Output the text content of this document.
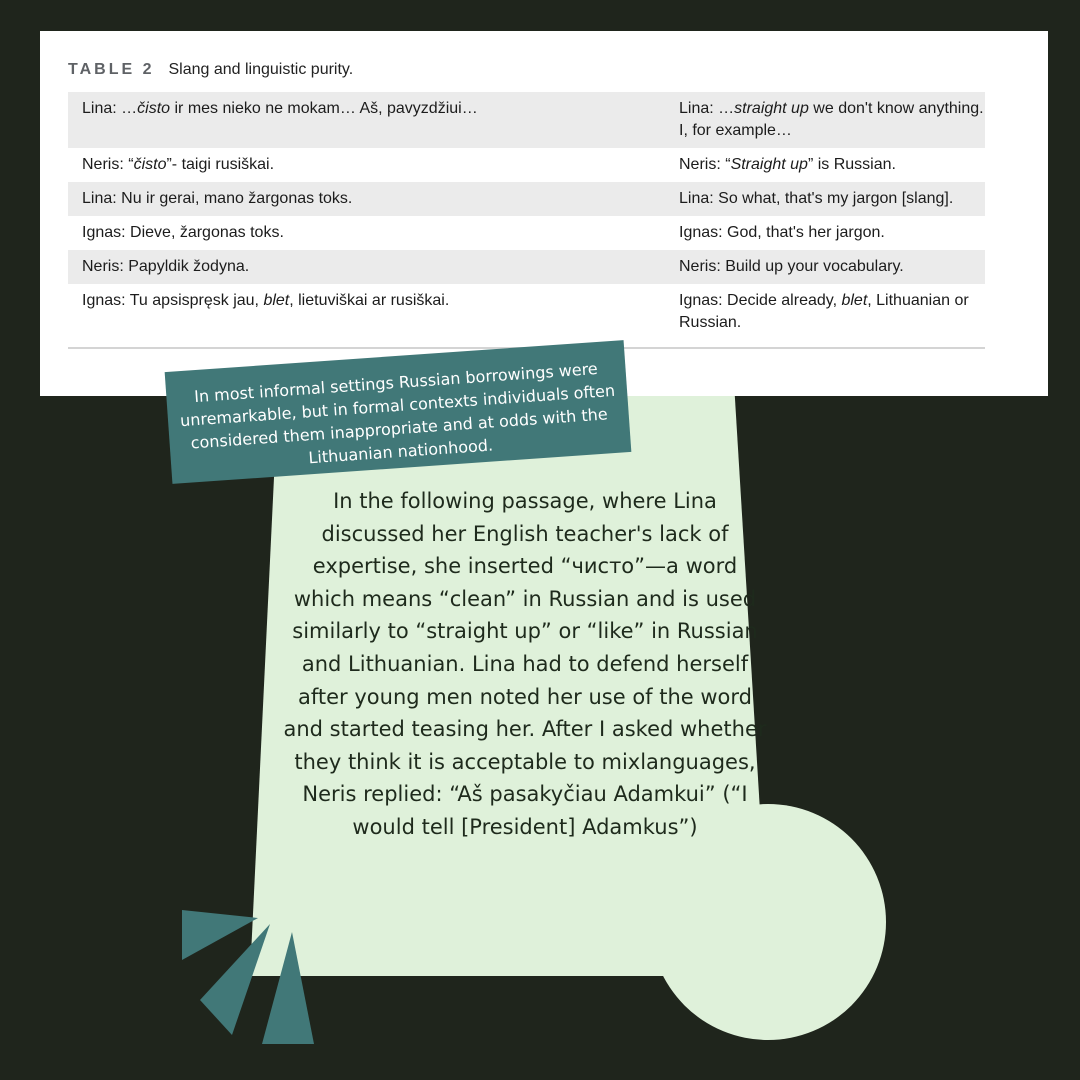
TABLE 2 Slang and linguistic purity.
Lina: …čisto ir mes nieko ne mokam… Aš, pavyzdžiui…	Lina: …straight up we don't know anything. I, for example…
Neris: “čisto”- taigi rusiškai.	Neris: “Straight up” is Russian.
Lina: Nu ir gerai, mano žargonas toks.	Lina: So what, that's my jargon [slang].
Ignas: Dieve, žargonas toks.	Ignas: God, that's her jargon.
Neris: Papyldik žodyna.	Neris: Build up your vocabulary.
Ignas: Tu apsispręsk jau, blet, lietuviškai ar rusiškai.	Ignas: Decide already, blet, Lithuanian or Russian.
In most informal settings Russian borrowings were unremarkable, but in formal contexts individuals often considered them inappropriate and at odds with the Lithuanian nationhood.
In the following passage, where Lina discussed her English teacher's lack of expertise, she inserted “чисто”—a word which means “clean” in Russian and is used similarly to “straight up” or “like” in Russian and Lithuanian. Lina had to defend herself after young men noted her use of the word and started teasing her. After I asked whether they think it is acceptable to mixlanguages, Neris replied: “Aš pasakyčiau Adamkui” (“I would tell [President] Adamkus”)
